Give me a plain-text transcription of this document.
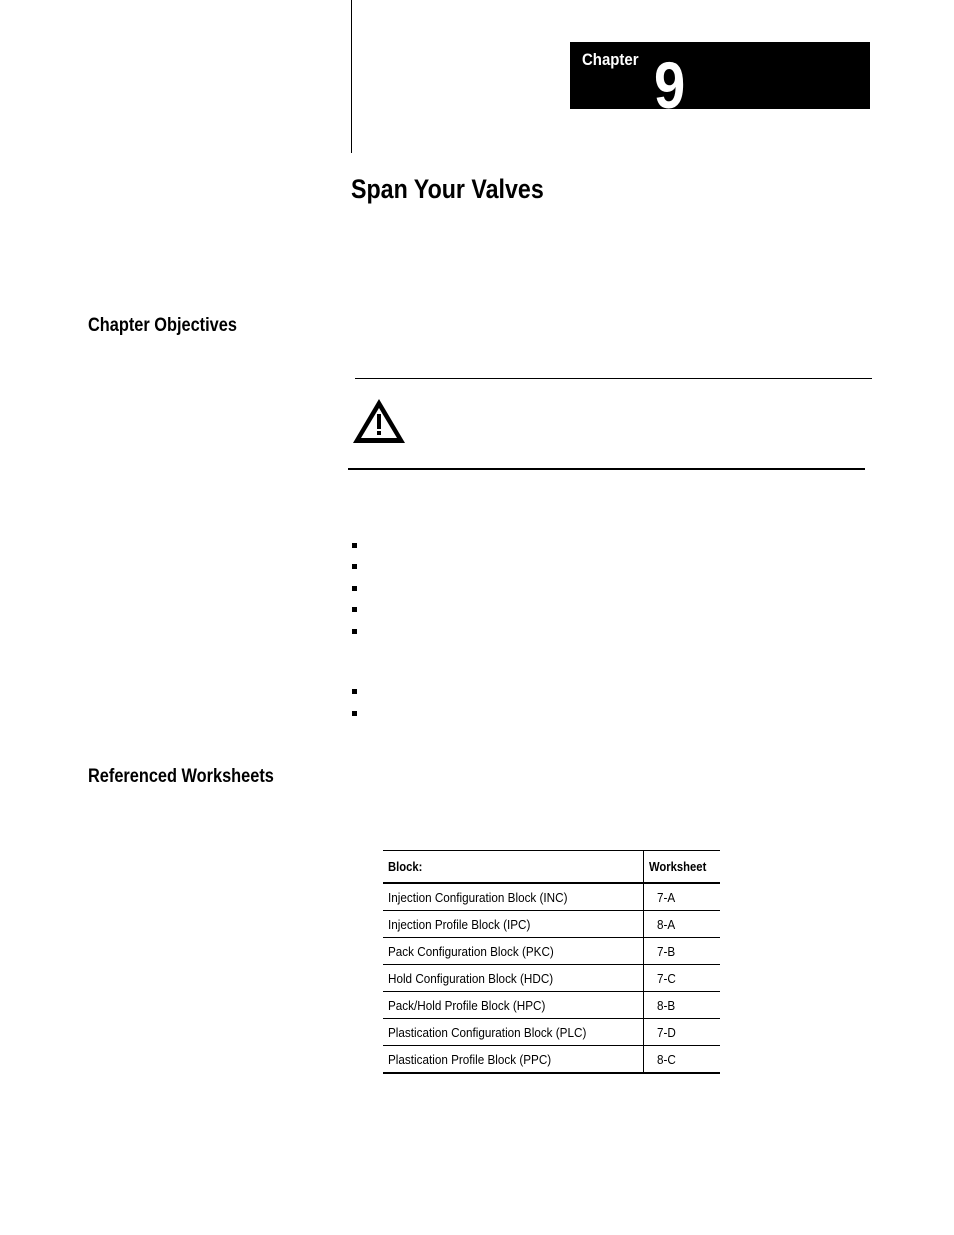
Chapter 9
Span Your Valves
Chapter Objectives
Referenced Worksheets
Block:	Worksheet
Injection Configuration Block (INC)	7-A
Injection Profile Block (IPC)	8-A
Pack Configuration Block (PKC)	7-B
Hold Configuration Block (HDC)	7-C
Pack/Hold Profile Block (HPC)	8-B
Plastication Configuration Block (PLC)	7-D
Plastication Profile Block (PPC)	8-C
